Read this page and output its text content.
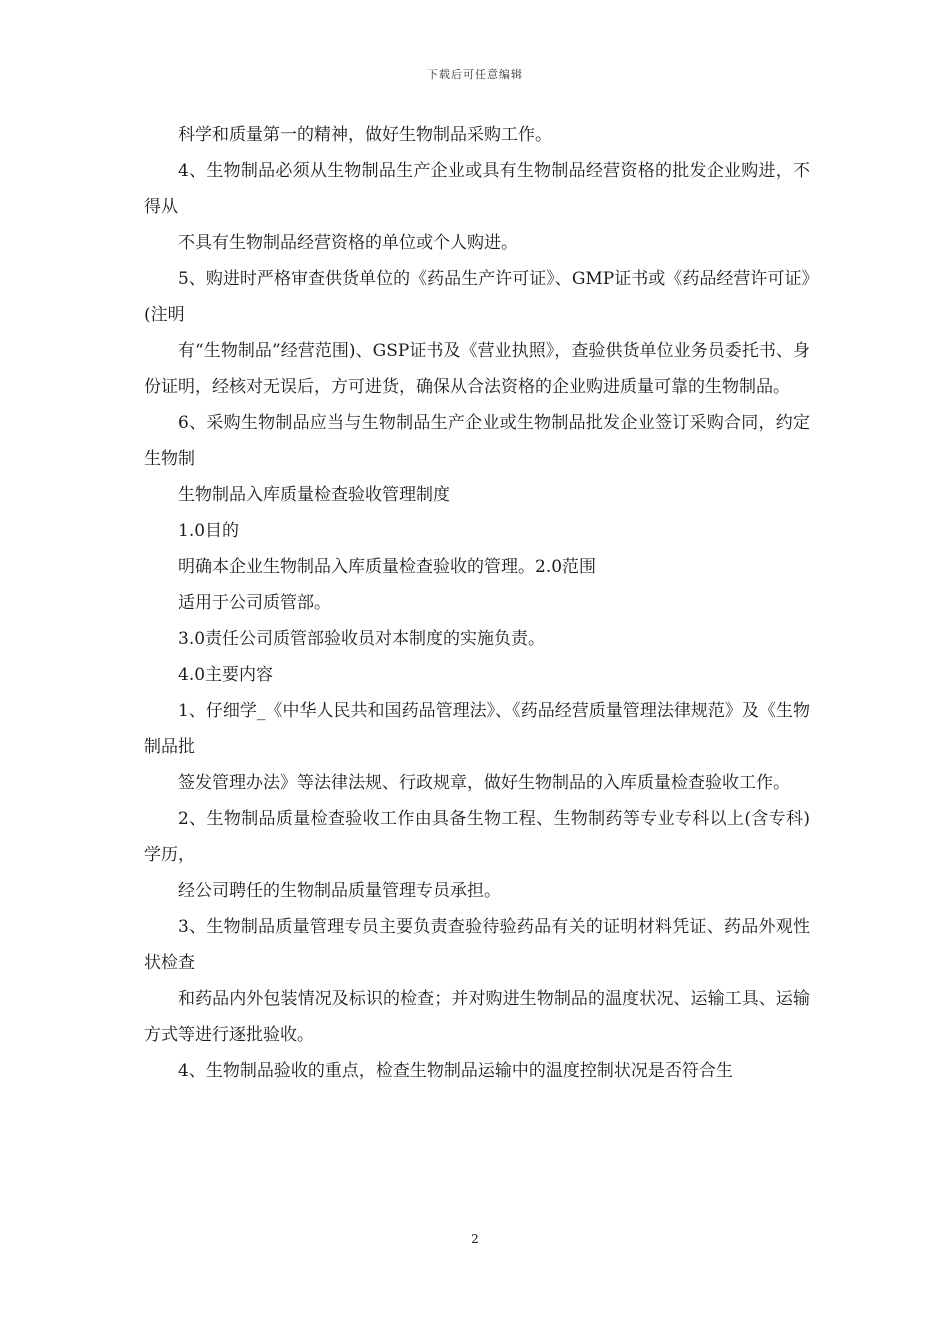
下载后可任意编辑

科学和质量第一的精神，做好生物制品采购工作。

4、生物制品必须从生物制品生产企业或具有生物制品经营资格的批发企业购进，不得从

不具有生物制品经营资格的单位或个人购进。

5、购进时严格审查供货单位的《药品生产许可证》、GMP证书或《药品经营许可证》(注明

有“生物制品”经营范围)、GSP证书及《营业执照》，查验供货单位业务员委托书、身份证明，经核对无误后，方可进货，确保从合法资格的企业购进质量可靠的生物制品。

6、采购生物制品应当与生物制品生产企业或生物制品批发企业签订采购合同，约定生物制

生物制品入库质量检查验收管理制度

1.0目的

明确本企业生物制品入库质量检查验收的管理。2.0范围

适用于公司质管部。

3.0责任公司质管部验收员对本制度的实施负责。

4.0主要内容

1、仔细学_《中华人民共和国药品管理法》、《药品经营质量管理法律规范》及《生物制品批

签发管理办法》等法律法规、行政规章，做好生物制品的入库质量检查验收工作。

2、生物制品质量检查验收工作由具备生物工程、生物制药等专业专科以上(含专科)学历，

经公司聘任的生物制品质量管理专员承担。

3、生物制品质量管理专员主要负责查验待验药品有关的证明材料凭证、药品外观性状检查

和药品内外包装情况及标识的检查；并对购进生物制品的温度状况、运输工具、运输方式等进行逐批验收。

4、生物制品验收的重点，检查生物制品运输中的温度控制状况是否符合生

2
